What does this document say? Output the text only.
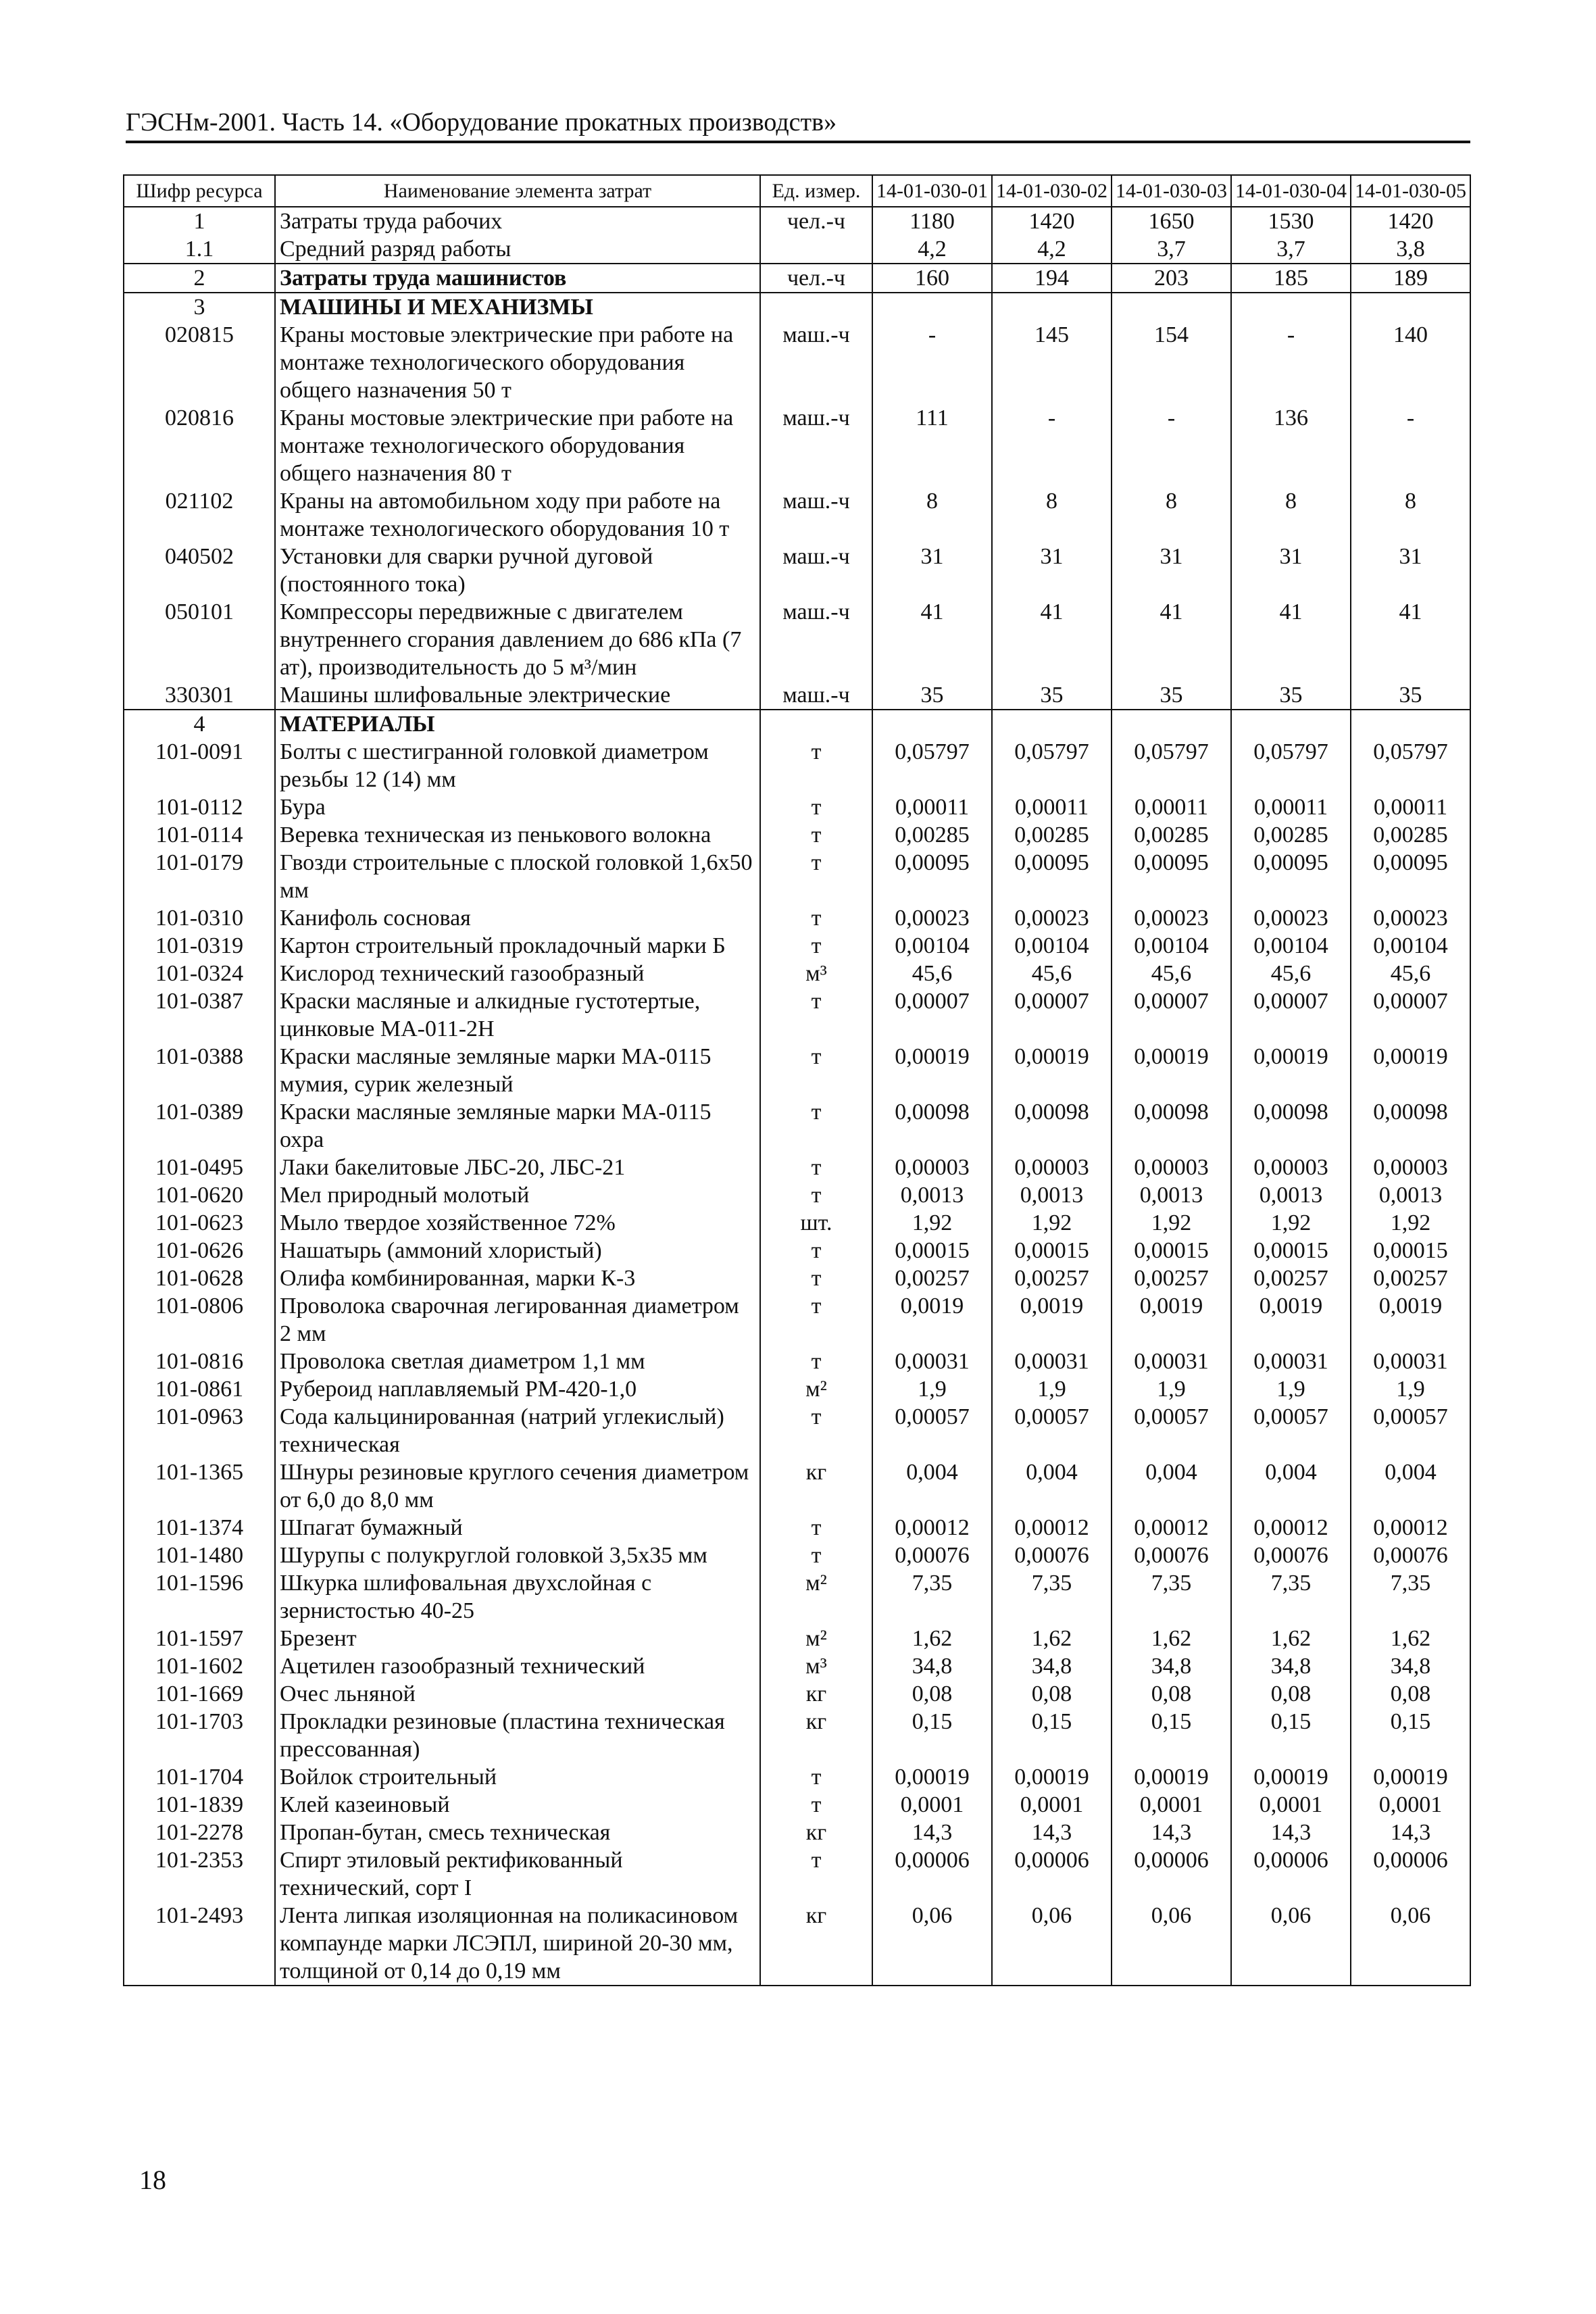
ГЭСНм-2001. Часть 14. «Оборудование прокатных производств»
Шифр ресурса	Наименование элемента затрат	Ед. измер.	14-01-030-01	14-01-030-02	14-01-030-03	14-01-030-04	14-01-030-05
1	Затраты труда рабочих	чел.-ч	1180	1420	1650	1530	1420
1.1	Средний разряд работы		4,2	4,2	3,7	3,7	3,8
2	Затраты труда машинистов	чел.-ч	160	194	203	185	189
3	МАШИНЫ И МЕХАНИЗМЫ						
020815	Краны мостовые электрические при работе на монтаже технологического оборудования общего назначения 50 т	маш.-ч	-	145	154	-	140
020816	Краны мостовые электрические при работе на монтаже технологического оборудования общего назначения 80 т	маш.-ч	111	-	-	136	-
021102	Краны на автомобильном ходу при работе на монтаже технологического оборудования 10 т	маш.-ч	8	8	8	8	8
040502	Установки для сварки ручной дуговой (постоянного тока)	маш.-ч	31	31	31	31	31
050101	Компрессоры передвижные с двигателем внутреннего сгорания давлением до 686 кПа (7 ат), производительность до 5 м³/мин	маш.-ч	41	41	41	41	41
330301	Машины шлифовальные электрические	маш.-ч	35	35	35	35	35
4	МАТЕРИАЛЫ						
101-0091	Болты с шестигранной головкой диаметром резьбы 12 (14) мм	т	0,05797	0,05797	0,05797	0,05797	0,05797
101-0112	Бура	т	0,00011	0,00011	0,00011	0,00011	0,00011
101-0114	Веревка техническая из пенькового волокна	т	0,00285	0,00285	0,00285	0,00285	0,00285
101-0179	Гвозди строительные с плоской головкой 1,6х50 мм	т	0,00095	0,00095	0,00095	0,00095	0,00095
101-0310	Канифоль сосновая	т	0,00023	0,00023	0,00023	0,00023	0,00023
101-0319	Картон строительный прокладочный марки Б	т	0,00104	0,00104	0,00104	0,00104	0,00104
101-0324	Кислород технический газообразный	м³	45,6	45,6	45,6	45,6	45,6
101-0387	Краски масляные и алкидные густотертые, цинковые МА-011-2Н	т	0,00007	0,00007	0,00007	0,00007	0,00007
101-0388	Краски масляные земляные марки МА-0115 мумия, сурик железный	т	0,00019	0,00019	0,00019	0,00019	0,00019
101-0389	Краски масляные земляные марки МА-0115 охра	т	0,00098	0,00098	0,00098	0,00098	0,00098
101-0495	Лаки бакелитовые ЛБС-20, ЛБС-21	т	0,00003	0,00003	0,00003	0,00003	0,00003
101-0620	Мел природный молотый	т	0,0013	0,0013	0,0013	0,0013	0,0013
101-0623	Мыло твердое хозяйственное 72%	шт.	1,92	1,92	1,92	1,92	1,92
101-0626	Нашатырь (аммоний хлористый)	т	0,00015	0,00015	0,00015	0,00015	0,00015
101-0628	Олифа комбинированная, марки К-3	т	0,00257	0,00257	0,00257	0,00257	0,00257
101-0806	Проволока сварочная легированная диаметром 2 мм	т	0,0019	0,0019	0,0019	0,0019	0,0019
101-0816	Проволока светлая диаметром 1,1 мм	т	0,00031	0,00031	0,00031	0,00031	0,00031
101-0861	Рубероид наплавляемый РМ-420-1,0	м²	1,9	1,9	1,9	1,9	1,9
101-0963	Сода кальцинированная (натрий углекислый) техническая	т	0,00057	0,00057	0,00057	0,00057	0,00057
101-1365	Шнуры резиновые круглого сечения диаметром от 6,0 до 8,0 мм	кг	0,004	0,004	0,004	0,004	0,004
101-1374	Шпагат бумажный	т	0,00012	0,00012	0,00012	0,00012	0,00012
101-1480	Шурупы с полукруглой головкой 3,5х35 мм	т	0,00076	0,00076	0,00076	0,00076	0,00076
101-1596	Шкурка шлифовальная двухслойная с зернистостью 40-25	м²	7,35	7,35	7,35	7,35	7,35
101-1597	Брезент	м²	1,62	1,62	1,62	1,62	1,62
101-1602	Ацетилен газообразный технический	м³	34,8	34,8	34,8	34,8	34,8
101-1669	Очес льняной	кг	0,08	0,08	0,08	0,08	0,08
101-1703	Прокладки резиновые (пластина техническая прессованная)	кг	0,15	0,15	0,15	0,15	0,15
101-1704	Войлок строительный	т	0,00019	0,00019	0,00019	0,00019	0,00019
101-1839	Клей казеиновый	т	0,0001	0,0001	0,0001	0,0001	0,0001
101-2278	Пропан-бутан, смесь техническая	кг	14,3	14,3	14,3	14,3	14,3
101-2353	Спирт этиловый ректификованный технический, сорт I	т	0,00006	0,00006	0,00006	0,00006	0,00006
101-2493	Лента липкая изоляционная на поликасиновом компаунде марки ЛСЭПЛ, шириной 20-30 мм, толщиной от 0,14 до 0,19 мм	кг	0,06	0,06	0,06	0,06	0,06
18
